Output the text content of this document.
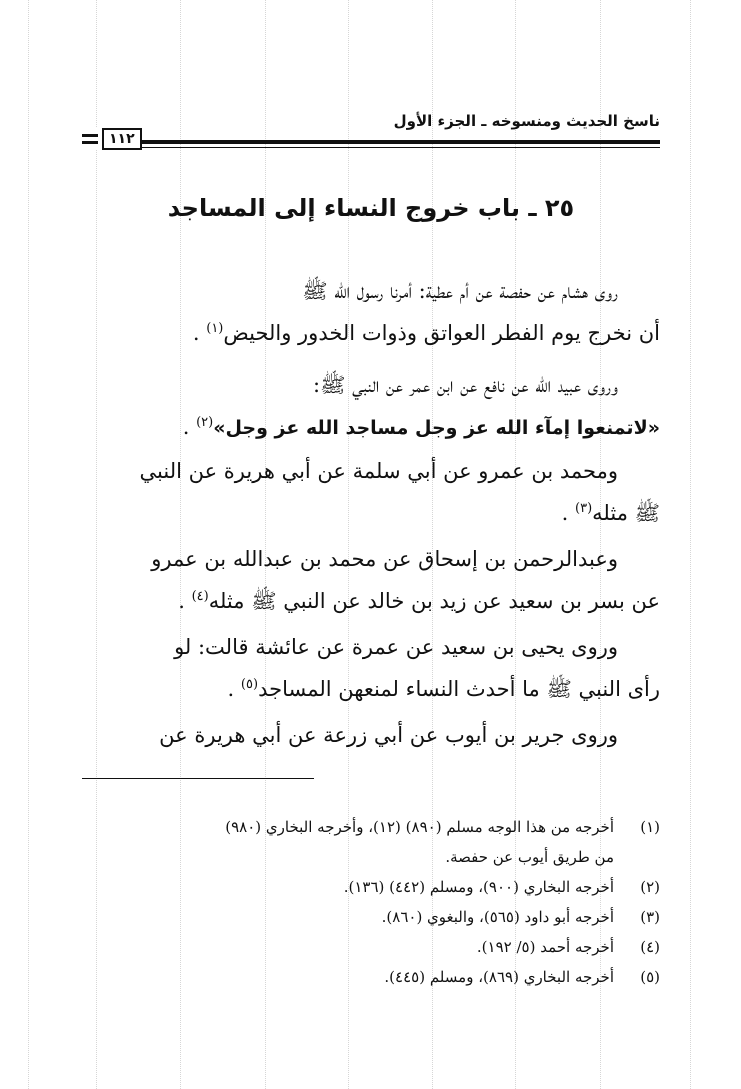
ناسخ الحديث ومنسوخه ـ الجزء الأول
١١٢
٢٥ ـ باب خروج النساء إلى المساجد
روى هشام عن حفصة عن أم عطية: أمرنا رسول الله ﷺ
أن نخرج يوم الفطر العواتق وذوات الخدور والحيض$^{(١)}$ .
وروى عبيد الله عن نافع عن ابن عمر عن النبي ﷺ:
«لاتمنعوا إمآء الله عز وجل مساجد الله عز وجل»$^{(٢)}$ .
ومحمد بن عمرو عن أبي سلمة عن أبي هريرة عن النبي
ﷺ مثله$^{(٣)}$ .
وعبدالرحمن بن إسحاق عن محمد بن عبدالله بن عمرو
عن بسر بن سعيد عن زيد بن خالد عن النبي ﷺ مثله$^{(٤)}$ .
وروى يحيى بن سعيد عن عمرة عن عائشة قالت: لو
رأى النبي ﷺ ما أحدث النساء لمنعهن المساجد$^{(٥)}$ .
وروى جرير بن أيوب عن أبي زرعة عن أبي هريرة عن
(١)
أخرجه من هذا الوجه مسلم (٨٩٠) (١٢)، وأخرجه البخاري (٩٨٠)
من طريق أيوب عن حفصة.
(٢)
أخرجه البخاري (٩٠٠)، ومسلم (٤٤٢) (١٣٦).
(٣)
أخرجه أبو داود (٥٦٥)، والبغوي (٨٦٠).
(٤)
أخرجه أحمد (٥/ ١٩٢).
(٥)
أخرجه البخاري (٨٦٩)، ومسلم (٤٤٥).
